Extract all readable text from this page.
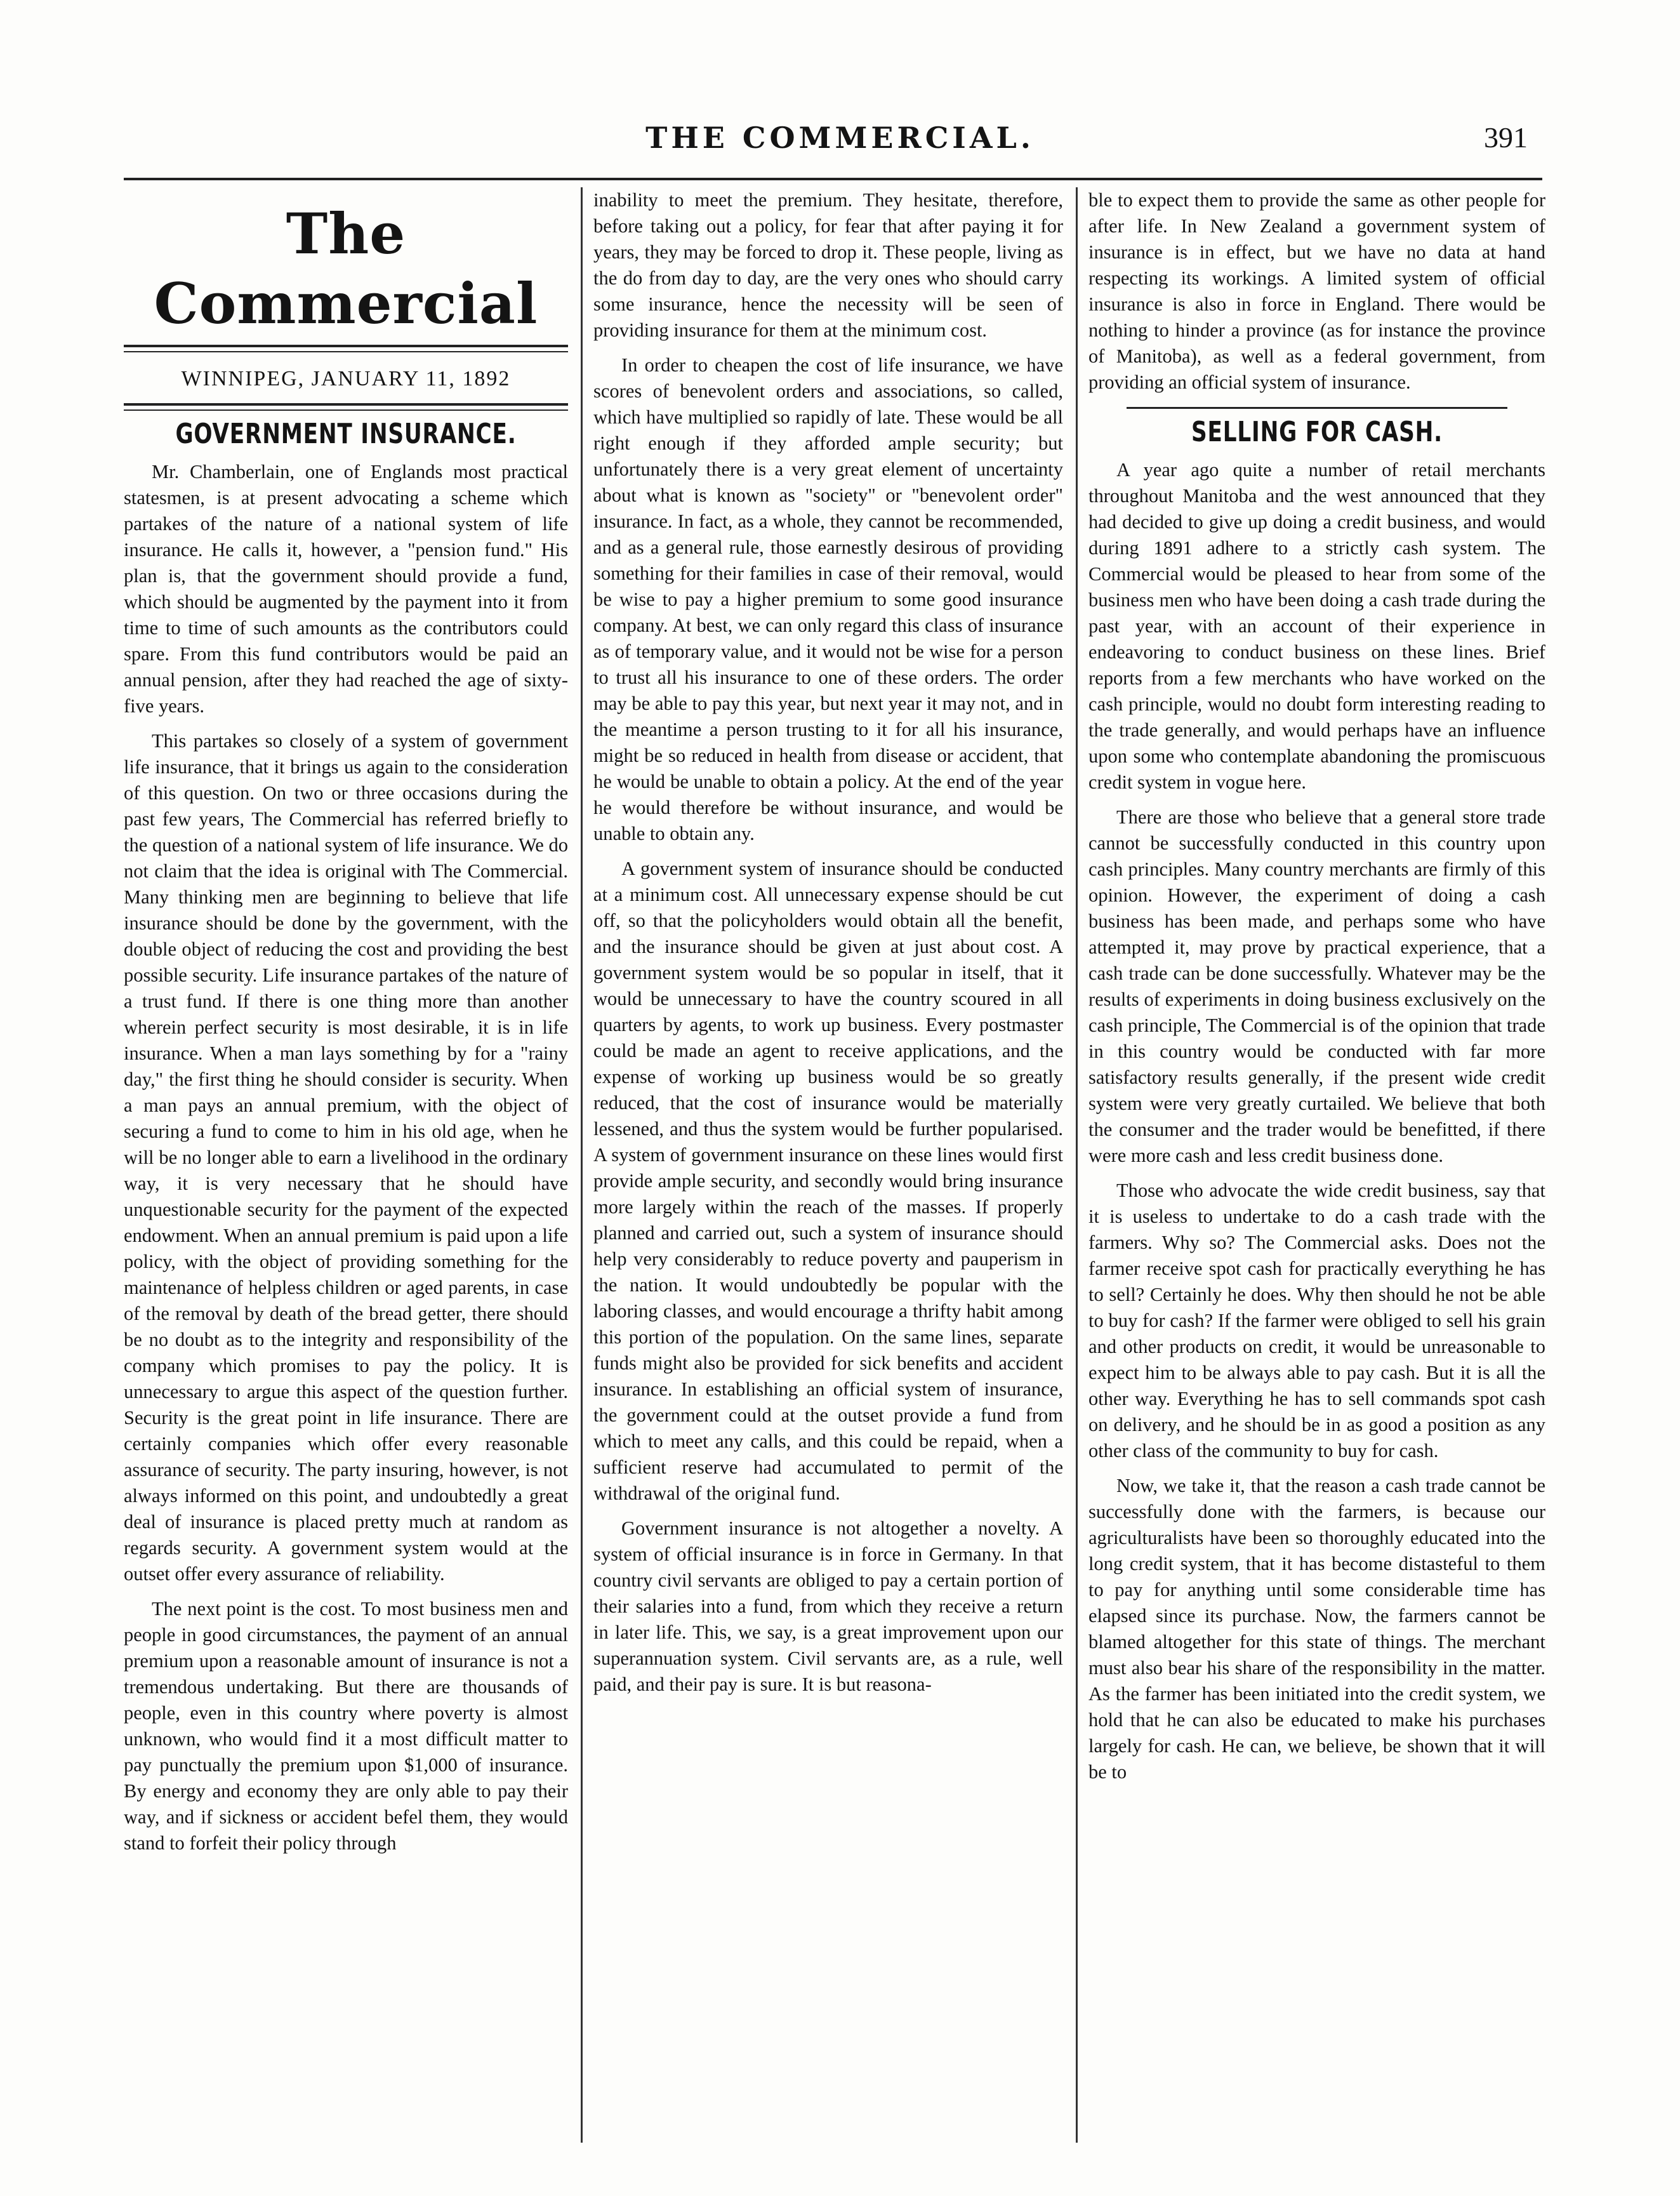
THE COMMERCIAL.	391
The Commercial
WINNIPEG, JANUARY 11, 1892
GOVERNMENT INSURANCE.

Mr. Chamberlain, one of Englands most practical statesmen, is at present advocating a scheme which partakes of the nature of a national system of life insurance. He calls it, however, a "pension fund." His plan is, that the government should provide a fund, which should be augmented by the payment into it from time to time of such amounts as the contributors could spare. From this fund contributors would be paid an annual pension, after they had reached the age of sixty-five years.

This partakes so closely of a system of government life insurance, that it brings us again to the consideration of this question. On two or three occasions during the past few years, The Commercial has referred briefly to the question of a national system of life insurance. We do not claim that the idea is original with The Commercial. Many thinking men are beginning to believe that life insurance should be done by the government, with the double object of reducing the cost and providing the best possible security. Life insurance partakes of the nature of a trust fund. If there is one thing more than another wherein perfect security is most desirable, it is in life insurance. When a man lays something by for a "rainy day," the first thing he should consider is security. When a man pays an annual premium, with the object of securing a fund to come to him in his old age, when he will be no longer able to earn a livelihood in the ordinary way, it is very necessary that he should have unquestionable security for the payment of the expected endowment. When an annual premium is paid upon a life policy, with the object of providing something for the maintenance of helpless children or aged parents, in case of the removal by death of the bread getter, there should be no doubt as to the integrity and responsibility of the company which promises to pay the policy. It is unnecessary to argue this aspect of the question further. Security is the great point in life insurance. There are certainly companies which offer every reasonable assurance of security. The party insuring, however, is not always informed on this point, and undoubtedly a great deal of insurance is placed pretty much at random as regards security. A government system would at the outset offer every assurance of reliability.

The next point is the cost. To most business men and people in good circumstances, the payment of an annual premium upon a reasonable amount of insurance is not a tremendous undertaking. But there are thousands of people, even in this country where poverty is almost unknown, who would find it a most difficult matter to pay punctually the premium upon $1,000 of insurance. By energy and economy they are only able to pay their way, and if sickness or accident befel them, they would stand to forfeit their policy through

inability to meet the premium. They hesitate, therefore, before taking out a policy, for fear that after paying it for years, they may be forced to drop it. These people, living as the do from day to day, are the very ones who should carry some insurance, hence the necessity will be seen of providing insurance for them at the minimum cost.

In order to cheapen the cost of life insurance, we have scores of benevolent orders and associations, so called, which have multiplied so rapidly of late. These would be all right enough if they afforded ample security; but unfortunately there is a very great element of uncertainty about what is known as "society" or "benevolent order" insurance. In fact, as a whole, they cannot be recommended, and as a general rule, those earnestly desirous of providing something for their families in case of their removal, would be wise to pay a higher premium to some good insurance company. At best, we can only regard this class of insurance as of temporary value, and it would not be wise for a person to trust all his insurance to one of these orders. The order may be able to pay this year, but next year it may not, and in the meantime a person trusting to it for all his insurance, might be so reduced in health from disease or accident, that he would be unable to obtain a policy. At the end of the year he would therefore be without insurance, and would be unable to obtain any.

A government system of insurance should be conducted at a minimum cost. All unnecessary expense should be cut off, so that the policyholders would obtain all the benefit, and the insurance should be given at just about cost. A government system would be so popular in itself, that it would be unnecessary to have the country scoured in all quarters by agents, to work up business. Every postmaster could be made an agent to receive applications, and the expense of working up business would be so greatly reduced, that the cost of insurance would be materially lessened, and thus the system would be further popularised. A system of government insurance on these lines would first provide ample security, and secondly would bring insurance more largely within the reach of the masses. If properly planned and carried out, such a system of insurance should help very considerably to reduce poverty and pauperism in the nation. It would undoubtedly be popular with the laboring classes, and would encourage a thrifty habit among this portion of the population. On the same lines, separate funds might also be provided for sick benefits and accident insurance. In establishing an official system of insurance, the government could at the outset provide a fund from which to meet any calls, and this could be repaid, when a sufficient reserve had accumulated to permit of the withdrawal of the original fund.

Government insurance is not altogether a novelty. A system of official insurance is in force in Germany. In that country civil servants are obliged to pay a certain portion of their salaries into a fund, from which they receive a return in later life. This, we say, is a great improvement upon our superannuation system. Civil servants are, as a rule, well paid, and their pay is sure. It is but reasona-

ble to expect them to provide the same as other people for after life. In New Zealand a government system of insurance is in effect, but we have no data at hand respecting its workings. A limited system of official insurance is also in force in England. There would be nothing to hinder a province (as for instance the province of Manitoba), as well as a federal government, from providing an official system of insurance.

SELLING FOR CASH.

A year ago quite a number of retail merchants throughout Manitoba and the west announced that they had decided to give up doing a credit business, and would during 1891 adhere to a strictly cash system. The Commercial would be pleased to hear from some of the business men who have been doing a cash trade during the past year, with an account of their experience in endeavoring to conduct business on these lines. Brief reports from a few merchants who have worked on the cash principle, would no doubt form interesting reading to the trade generally, and would perhaps have an influence upon some who contemplate abandoning the promiscuous credit system in vogue here.

There are those who believe that a general store trade cannot be successfully conducted in this country upon cash principles. Many country merchants are firmly of this opinion. However, the experiment of doing a cash business has been made, and perhaps some who have attempted it, may prove by practical experience, that a cash trade can be done successfully. Whatever may be the results of experiments in doing business exclusively on the cash principle, The Commercial is of the opinion that trade in this country would be conducted with far more satisfactory results generally, if the present wide credit system were very greatly curtailed. We believe that both the consumer and the trader would be benefitted, if there were more cash and less credit business done.

Those who advocate the wide credit business, say that it is useless to undertake to do a cash trade with the farmers. Why so? The Commercial asks. Does not the farmer receive spot cash for practically everything he has to sell? Certainly he does. Why then should he not be able to buy for cash? If the farmer were obliged to sell his grain and other products on credit, it would be unreasonable to expect him to be always able to pay cash. But it is all the other way. Everything he has to sell commands spot cash on delivery, and he should be in as good a position as any other class of the community to buy for cash.

Now, we take it, that the reason a cash trade cannot be successfully done with the farmers, is because our agriculturalists have been so thoroughly educated into the long credit system, that it has become distasteful to them to pay for anything until some considerable time has elapsed since its purchase. Now, the farmers cannot be blamed altogether for this state of things. The merchant must also bear his share of the responsibility in the matter. As the farmer has been initiated into the credit system, we hold that he can also be educated to make his purchases largely for cash. He can, we believe, be shown that it will be to
